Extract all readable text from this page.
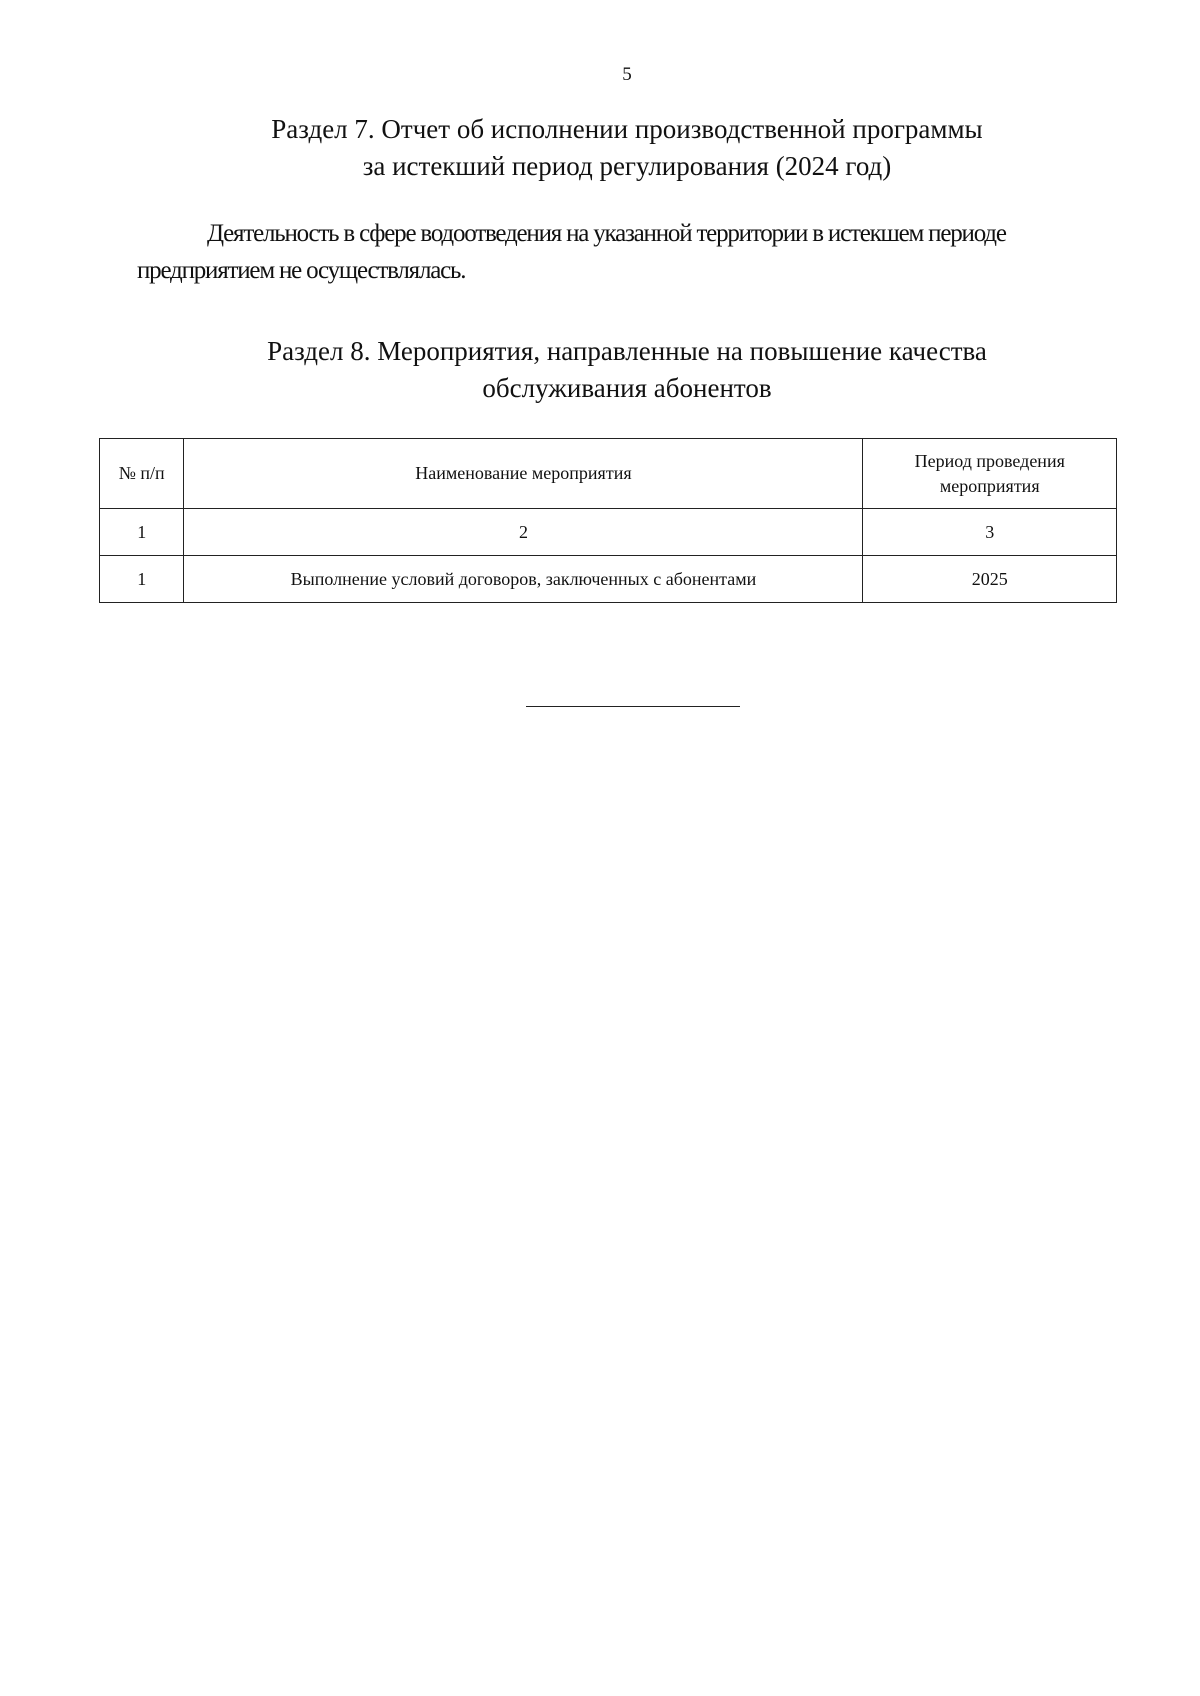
5
Раздел 7. Отчет об исполнении производственной программы
за истекший период регулирования (2024 год)
Деятельность в сфере водоотведения на указанной территории в истекшем периоде предприятием не осуществлялась.
Раздел 8. Мероприятия, направленные на повышение качества
обслуживания абонентов
№ п/п	Наименование мероприятия	Период проведения мероприятия
1	2	3
1	Выполнение условий договоров, заключенных с абонентами	2025
